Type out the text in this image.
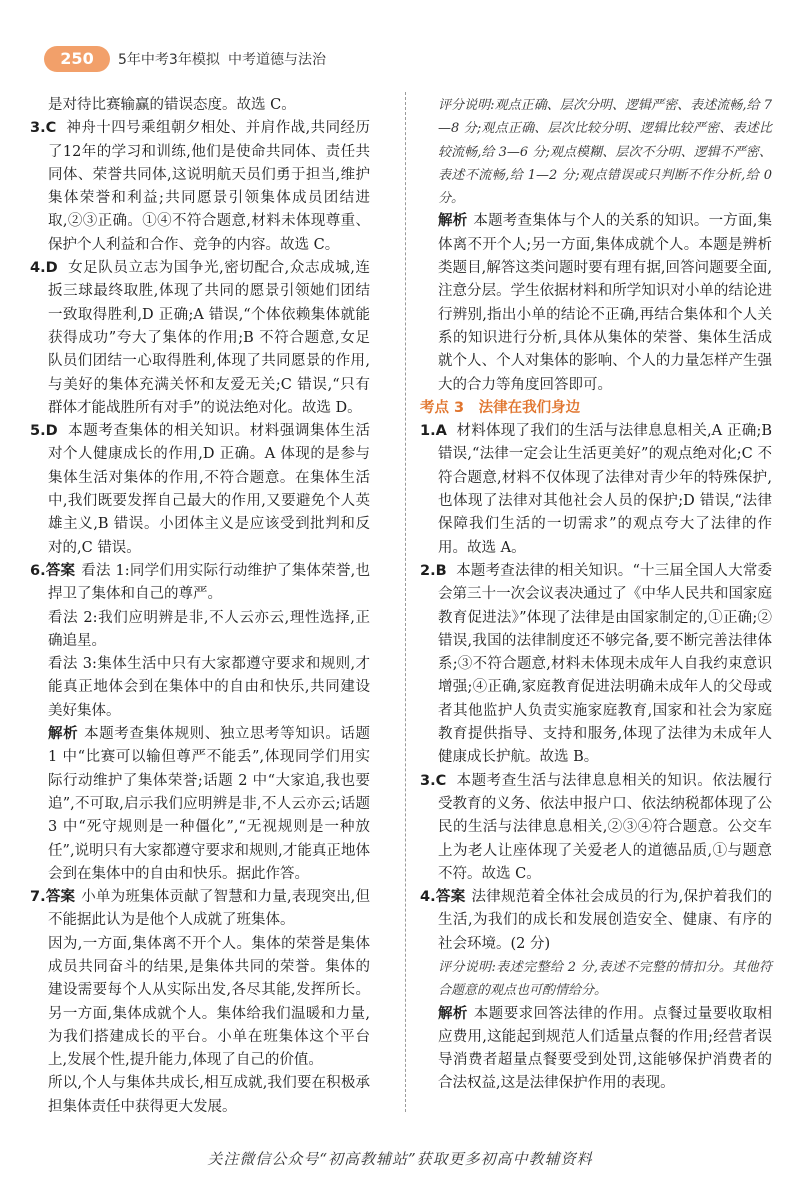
250	5年中考3年模拟 中考道德与法治

是对待比赛输赢的错误态度。故选 C。

3.C 神舟十四号乘组朝夕相处、并肩作战,共同经历了12年的学习和训练,他们是使命共同体、责任共同体、荣誉共同体,这说明航天员们勇于担当,维护集体荣誉和利益;共同愿景引领集体成员团结进取,②③正确。①④不符合题意,材料未体现尊重、保护个人利益和合作、竞争的内容。故选 C。

4.D 女足队员立志为国争光,密切配合,众志成城,连扳三球最终取胜,体现了共同的愿景引领她们团结一致取得胜利,D 正确;A 错误,“个体依赖集体就能获得成功”夸大了集体的作用;B 不符合题意,女足队员们团结一心取得胜利,体现了共同愿景的作用,与美好的集体充满关怀和友爱无关;C 错误,“只有群体才能战胜所有对手”的说法绝对化。故选 D。

5.D 本题考查集体的相关知识。材料强调集体生活对个人健康成长的作用,D 正确。A 体现的是参与集体生活对集体的作用,不符合题意。在集体生活中,我们既要发挥自己最大的作用,又要避免个人英雄主义,B 错误。小团体主义是应该受到批判和反对的,C 错误。

6.答案 看法 1:同学们用实际行动维护了集体荣誉,也捍卫了集体和自己的尊严。

看法 2:我们应明辨是非,不人云亦云,理性选择,正确追星。

看法 3:集体生活中只有大家都遵守要求和规则,才能真正地体会到在集体中的自由和快乐,共同建设美好集体。

解析 本题考查集体规则、独立思考等知识。话题 1 中“比赛可以输但尊严不能丢”,体现同学们用实际行动维护了集体荣誉;话题 2 中“大家追,我也要追”,不可取,启示我们应明辨是非,不人云亦云;话题 3 中“死守规则是一种僵化”,“无视规则是一种放任”,说明只有大家都遵守要求和规则,才能真正地体会到在集体中的自由和快乐。据此作答。

7.答案 小单为班集体贡献了智慧和力量,表现突出,但不能据此认为是他个人成就了班集体。

因为,一方面,集体离不开个人。集体的荣誉是集体成员共同奋斗的结果,是集体共同的荣誉。集体的建设需要每个人从实际出发,各尽其能,发挥所长。另一方面,集体成就个人。集体给我们温暖和力量,为我们搭建成长的平台。小单在班集体这个平台上,发展个性,提升能力,体现了自己的价值。

所以,个人与集体共成长,相互成就,我们要在积极承担集体责任中获得更大发展。

评分说明:观点正确、层次分明、逻辑严密、表述流畅,给 7—8 分;观点正确、层次比较分明、逻辑比较严密、表述比较流畅,给 3—6 分;观点模糊、层次不分明、逻辑不严密、表述不流畅,给 1—2 分;观点错误或只判断不作分析,给 0 分。

解析 本题考查集体与个人的关系的知识。一方面,集体离不开个人;另一方面,集体成就个人。本题是辨析类题目,解答这类问题时要有理有据,回答问题要全面,注意分层。学生依据材料和所学知识对小单的结论进行辨别,指出小单的结论不正确,再结合集体和个人关系的知识进行分析,具体从集体的荣誉、集体生活成就个人、个人对集体的影响、个人的力量怎样产生强大的合力等角度回答即可。

考点 3　法律在我们身边

1.A 材料体现了我们的生活与法律息息相关,A 正确;B 错误,“法律一定会让生活更美好”的观点绝对化;C 不符合题意,材料不仅体现了法律对青少年的特殊保护,也体现了法律对其他社会人员的保护;D 错误,“法律保障我们生活的一切需求”的观点夸大了法律的作用。故选 A。

2.B 本题考查法律的相关知识。“十三届全国人大常委会第三十一次会议表决通过了《中华人民共和国家庭教育促进法》”体现了法律是由国家制定的,①正确;②错误,我国的法律制度还不够完备,要不断完善法律体系;③不符合题意,材料未体现未成年人自我约束意识增强;④正确,家庭教育促进法明确未成年人的父母或者其他监护人负责实施家庭教育,国家和社会为家庭教育提供指导、支持和服务,体现了法律为未成年人健康成长护航。故选 B。

3.C 本题考查生活与法律息息相关的知识。依法履行受教育的义务、依法申报户口、依法纳税都体现了公民的生活与法律息息相关,②③④符合题意。公交车上为老人让座体现了关爱老人的道德品质,①与题意不符。故选 C。

4.答案 法律规范着全体社会成员的行为,保护着我们的生活,为我们的成长和发展创造安全、健康、有序的社会环境。(2 分)

评分说明:表述完整给 2 分,表述不完整的情扣分。其他符合题意的观点也可酌情给分。

解析 本题要求回答法律的作用。点餐过量要收取相应费用,这能起到规范人们适量点餐的作用;经营者误导消费者超量点餐要受到处罚,这能够保护消费者的合法权益,这是法律保护作用的表现。

关注微信公众号“初高教辅站”获取更多初高中教辅资料
